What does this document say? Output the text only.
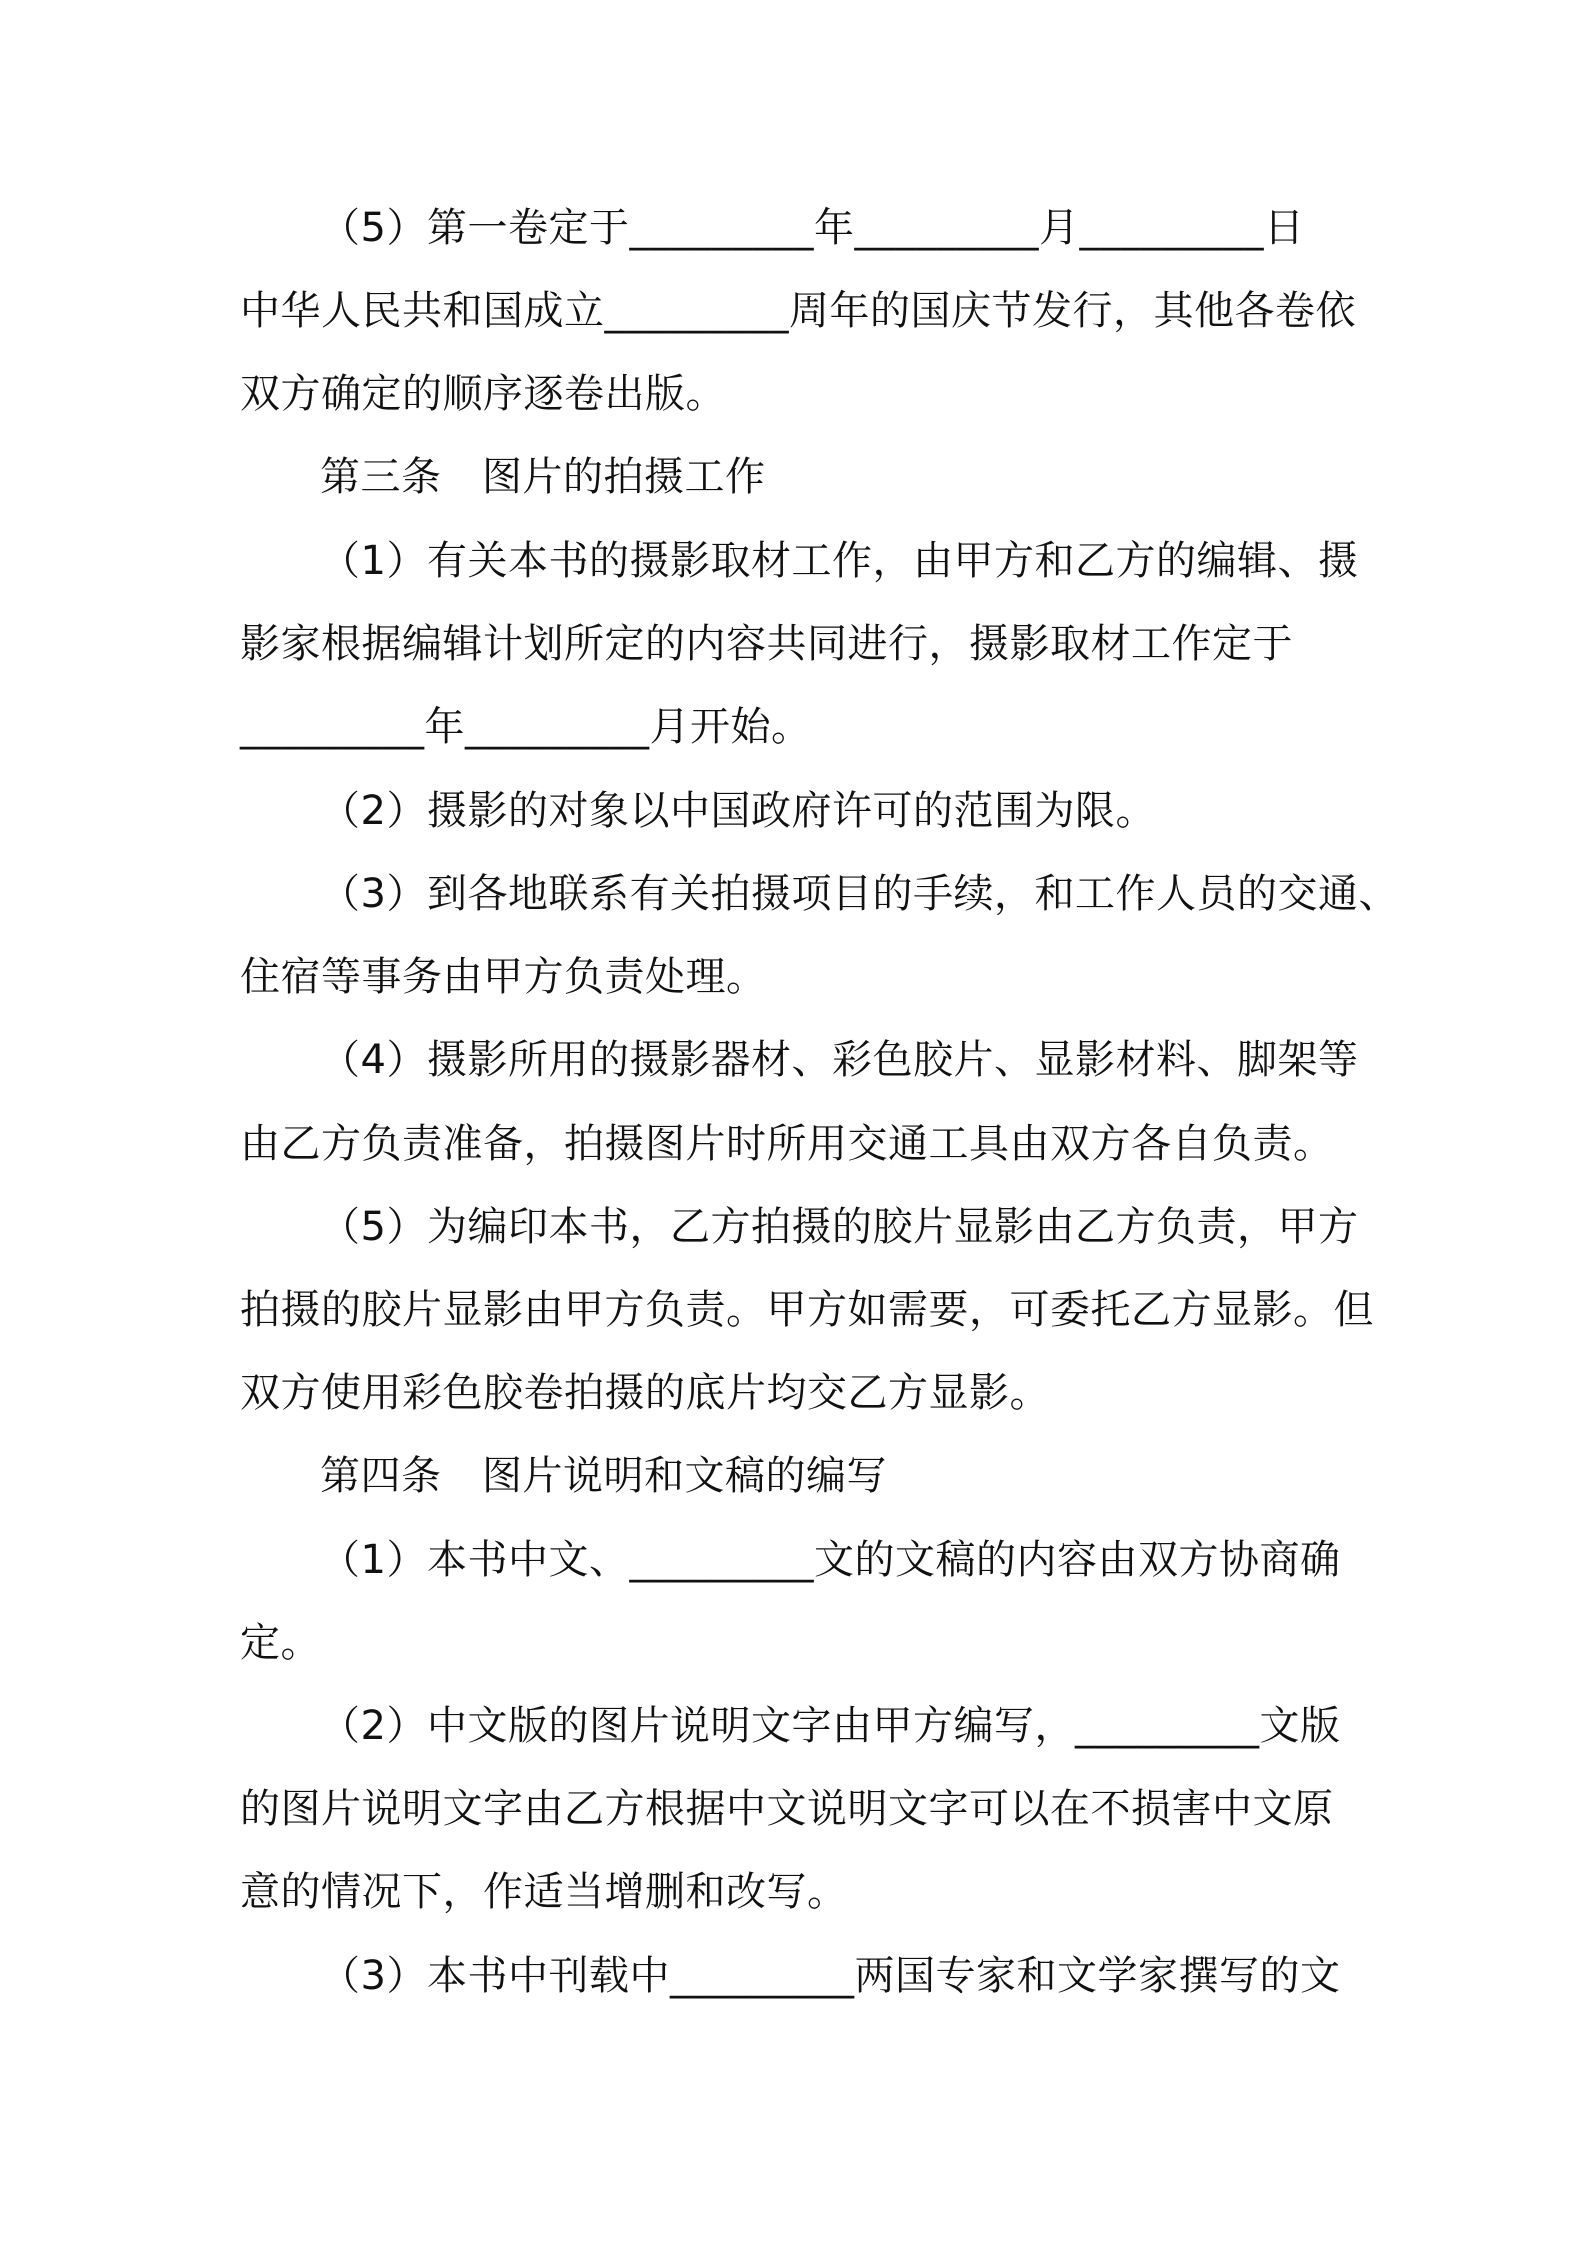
（5）第一卷定于_________年_________月_________日
中华人民共和国成立_________周年的国庆节发行，其他各卷依
双方确定的顺序逐卷出版。
第三条　图片的拍摄工作
（1）有关本书的摄影取材工作，由甲方和乙方的编辑、摄
影家根据编辑计划所定的内容共同进行，摄影取材工作定于
_________年_________月开始。
（2）摄影的对象以中国政府许可的范围为限。
（3）到各地联系有关拍摄项目的手续，和工作人员的交通、
住宿等事务由甲方负责处理。
（4）摄影所用的摄影器材、彩色胶片、显影材料、脚架等
由乙方负责准备，拍摄图片时所用交通工具由双方各自负责。
（5）为编印本书，乙方拍摄的胶片显影由乙方负责，甲方
拍摄的胶片显影由甲方负责。甲方如需要，可委托乙方显影。但
双方使用彩色胶卷拍摄的底片均交乙方显影。
第四条　图片说明和文稿的编写
（1）本书中文、_________文的文稿的内容由双方协商确
定。
（2）中文版的图片说明文字由甲方编写，_________文版
的图片说明文字由乙方根据中文说明文字可以在不损害中文原
意的情况下，作适当增删和改写。
（3）本书中刊载中_________两国专家和文学家撰写的文
